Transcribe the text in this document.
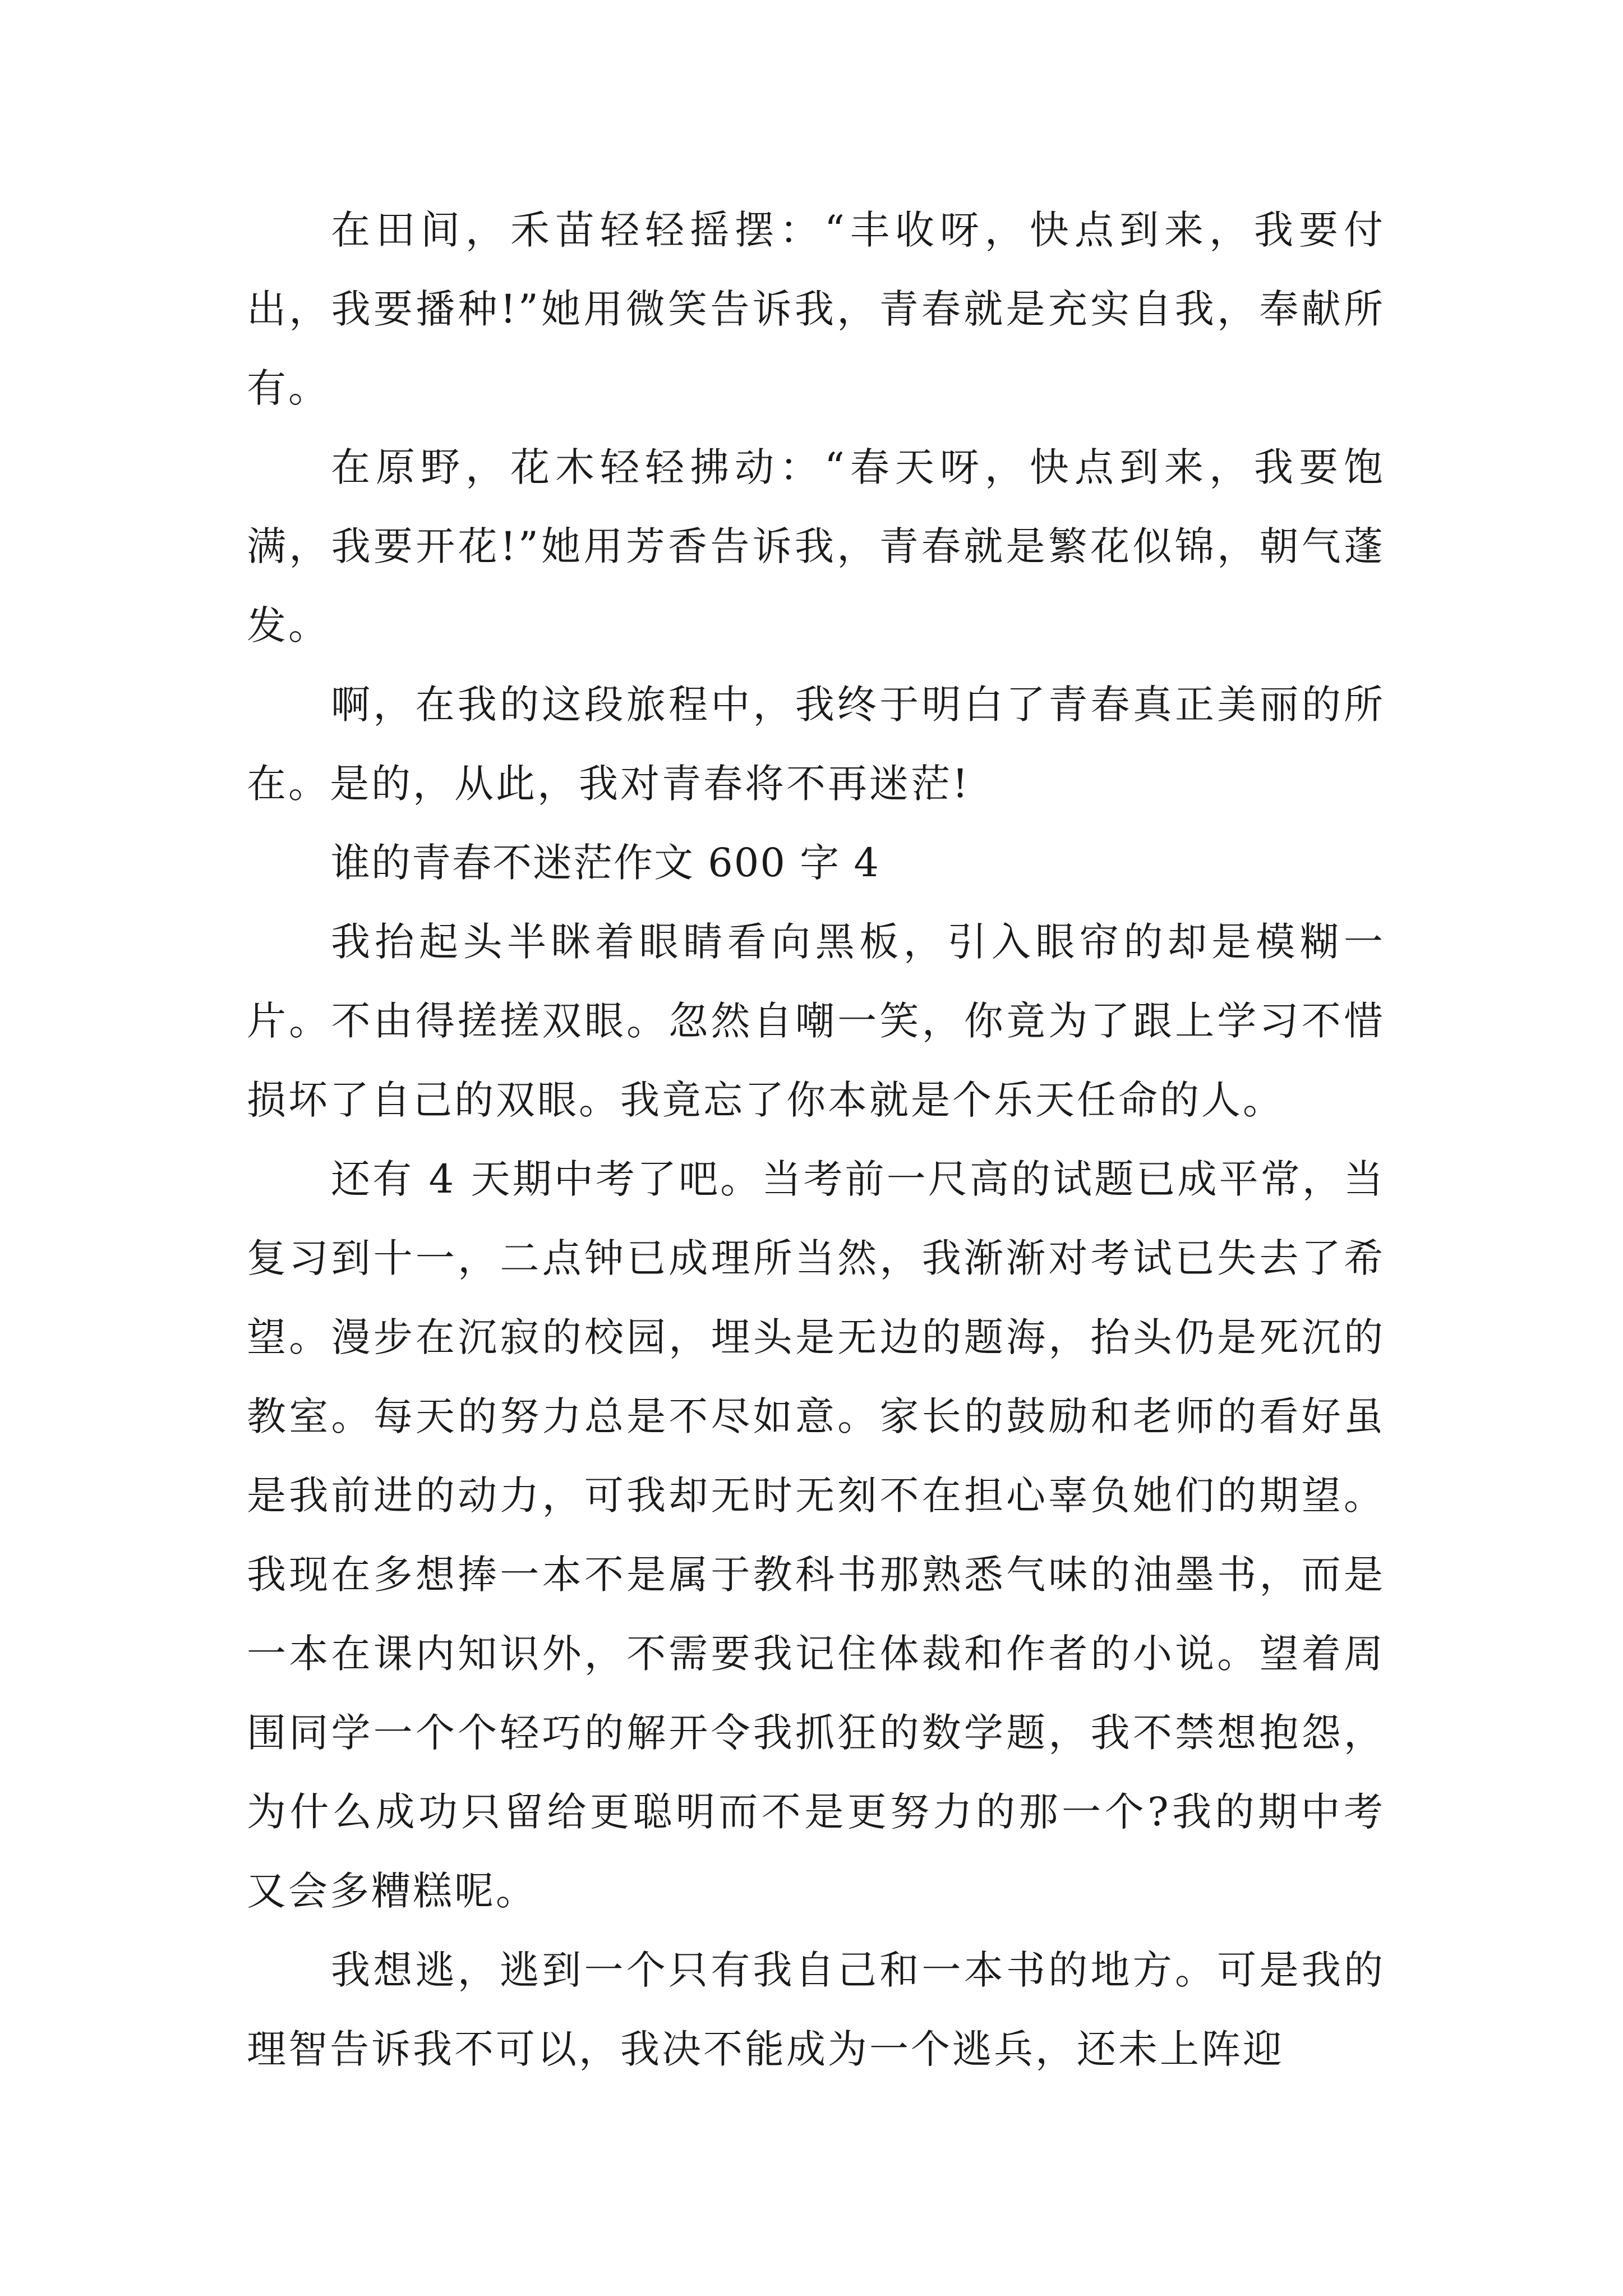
在田间，禾苗轻轻摇摆：“丰收呀，快点到来，我要付出，我要播种!”她用微笑告诉我，青春就是充实自我，奉献所有。

在原野，花木轻轻拂动：“春天呀，快点到来，我要饱满，我要开花!”她用芳香告诉我，青春就是繁花似锦，朝气蓬发。

啊，在我的这段旅程中，我终于明白了青春真正美丽的所在。是的，从此，我对青春将不再迷茫!

谁的青春不迷茫作文 600 字 4

我抬起头半眯着眼睛看向黑板，引入眼帘的却是模糊一片。不由得搓搓双眼。忽然自嘲一笑，你竟为了跟上学习不惜损坏了自己的双眼。我竟忘了你本就是个乐天任命的人。

还有 4 天期中考了吧。当考前一尺高的试题已成平常，当复习到十一，二点钟已成理所当然，我渐渐对考试已失去了希望。漫步在沉寂的校园，埋头是无边的题海，抬头仍是死沉的教室。每天的努力总是不尽如意。家长的鼓励和老师的看好虽是我前进的动力，可我却无时无刻不在担心辜负她们的期望。我现在多想捧一本不是属于教科书那熟悉气味的油墨书，而是一本在课内知识外，不需要我记住体裁和作者的小说。望着周围同学一个个轻巧的解开令我抓狂的数学题，我不禁想抱怨，为什么成功只留给更聪明而不是更努力的那一个?我的期中考又会多糟糕呢。

我想逃，逃到一个只有我自己和一本书的地方。可是我的理智告诉我不可以，我决不能成为一个逃兵，还未上阵迎
